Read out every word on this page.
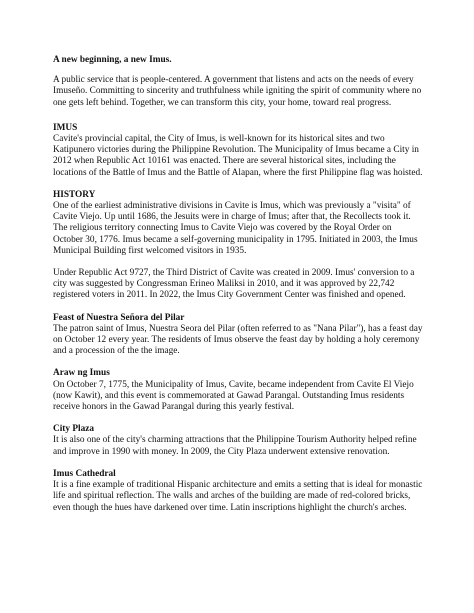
A new beginning, a new Imus.

A public service that is people-centered. A government that listens and acts on the needs of every Imuseño. Committing to sincerity and truthfulness while igniting the spirit of community where no one gets left behind. Together, we can transform this city, your home, toward real progress.

IMUS

Cavite's provincial capital, the City of Imus, is well-known for its historical sites and two Katipunero victories during the Philippine Revolution. The Municipality of Imus became a City in 2012 when Republic Act 10161 was enacted. There are several historical sites, including the locations of the Battle of Imus and the Battle of Alapan, where the first Philippine flag was hoisted.

HISTORY

One of the earliest administrative divisions in Cavite is Imus, which was previously a "visita" of Cavite Viejo. Up until 1686, the Jesuits were in charge of Imus; after that, the Recollects took it. The religious territory connecting Imus to Cavite Viejo was covered by the Royal Order on October 30, 1776. Imus became a self-governing municipality in 1795. Initiated in 2003, the Imus Municipal Building first welcomed visitors in 1935.

Under Republic Act 9727, the Third District of Cavite was created in 2009. Imus' conversion to a city was suggested by Congressman Erineo Maliksi in 2010, and it was approved by 22,742 registered voters in 2011. In 2022, the Imus City Government Center was finished and opened.

Feast of Nuestra Señora del Pilar

The patron saint of Imus, Nuestra Seora del Pilar (often referred to as "Nana Pilar"), has a feast day on October 12 every year. The residents of Imus observe the feast day by holding a holy ceremony and a procession of the the image.

Araw ng Imus

On October 7, 1775, the Municipality of Imus, Cavite, became independent from Cavite El Viejo (now Kawit), and this event is commemorated at Gawad Parangal. Outstanding Imus residents receive honors in the Gawad Parangal during this yearly festival.

City Plaza

It is also one of the city's charming attractions that the Philippine Tourism Authority helped refine and improve in 1990 with money. In 2009, the City Plaza underwent extensive renovation.

Imus Cathedral

It is a fine example of traditional Hispanic architecture and emits a setting that is ideal for monastic life and spiritual reflection. The walls and arches of the building are made of red-colored bricks, even though the hues have darkened over time. Latin inscriptions highlight the church's arches.
